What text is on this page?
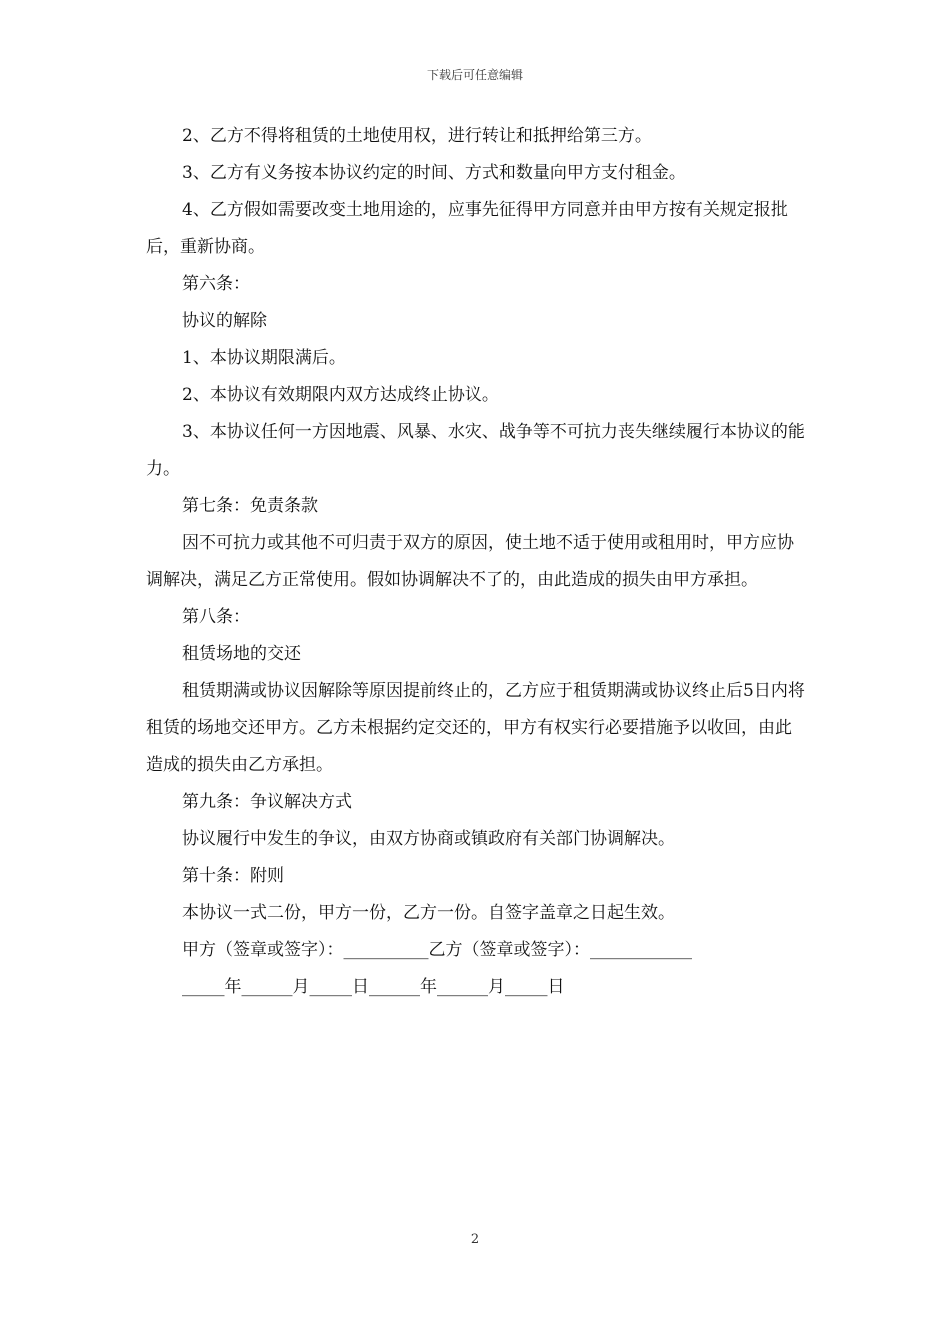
下载后可任意编辑

2、乙方不得将租赁的土地使用权，进行转让和抵押给第三方。

3、乙方有义务按本协议约定的时间、方式和数量向甲方支付租金。

4、乙方假如需要改变土地用途的，应事先征得甲方同意并由甲方按有关规定报批后，重新协商。

第六条：

协议的解除

1、本协议期限满后。

2、本协议有效期限内双方达成终止协议。

3、本协议任何一方因地震、风暴、水灾、战争等不可抗力丧失继续履行本协议的能力。

第七条：免责条款

因不可抗力或其他不可归责于双方的原因，使土地不适于使用或租用时，甲方应协调解决，满足乙方正常使用。假如协调解决不了的，由此造成的损失由甲方承担。

第八条：

租赁场地的交还

租赁期满或协议因解除等原因提前终止的，乙方应于租赁期满或协议终止后5日内将租赁的场地交还甲方。乙方未根据约定交还的，甲方有权实行必要措施予以收回，由此造成的损失由乙方承担。

第九条：争议解决方式

协议履行中发生的争议，由双方协商或镇政府有关部门协调解决。

第十条：附则

本协议一式二份，甲方一份，乙方一份。自签字盖章之日起生效。

甲方（签章或签字）：__________乙方（签章或签字）：____________

_____年______月_____日______年______月_____日

2
